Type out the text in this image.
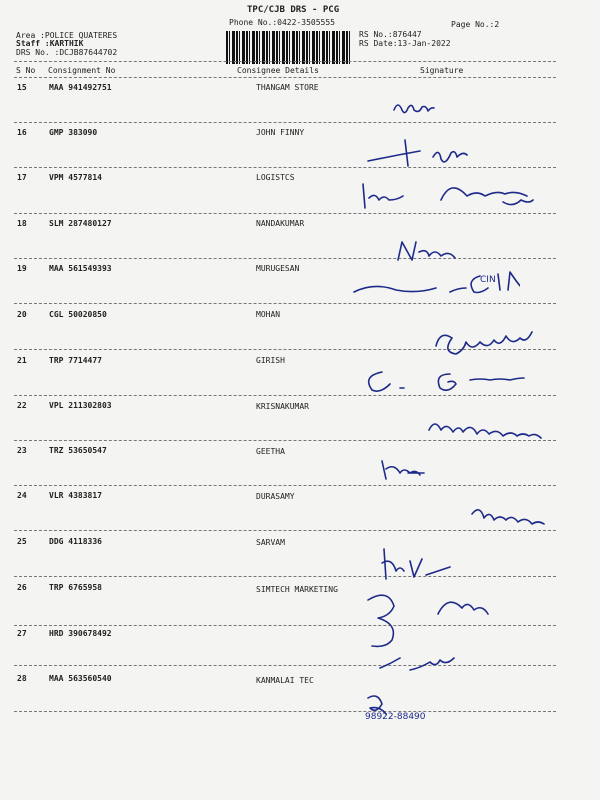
TPC/CJB DRS - PCG
Phone No.:0422-3505555
Area :POLICE QUATERES
Staff :KARTHIK
DRS No. :DCJB87644702
RS No.:876447
RS Date:13-Jan-2022
Page No.:2
S No Consignment No	Consignee Details	Signature
15	MAA 941492751	THANGAM STORE
16	GMP 383090	JOHN FINNY
17	VPM 4577814	LOGISTCS
18	SLM 287480127	NANDAKUMAR
19	MAA 561549393	MURUGESAN
20	CGL 50020850	MOHAN
21	TRP 7714477	GIRISH
22	VPL 211302803	KRISNAKUMAR
23	TRZ 53650547	GEETHA
24	VLR 4383817	DURASAMY
25	DDG 4118336	SARVAM
26	TRP 6765958	SIMTECH MARKETING
27	HRD 390678492
28	MAA 563560540	KANMALAI TEC
CIN
98922-88490
